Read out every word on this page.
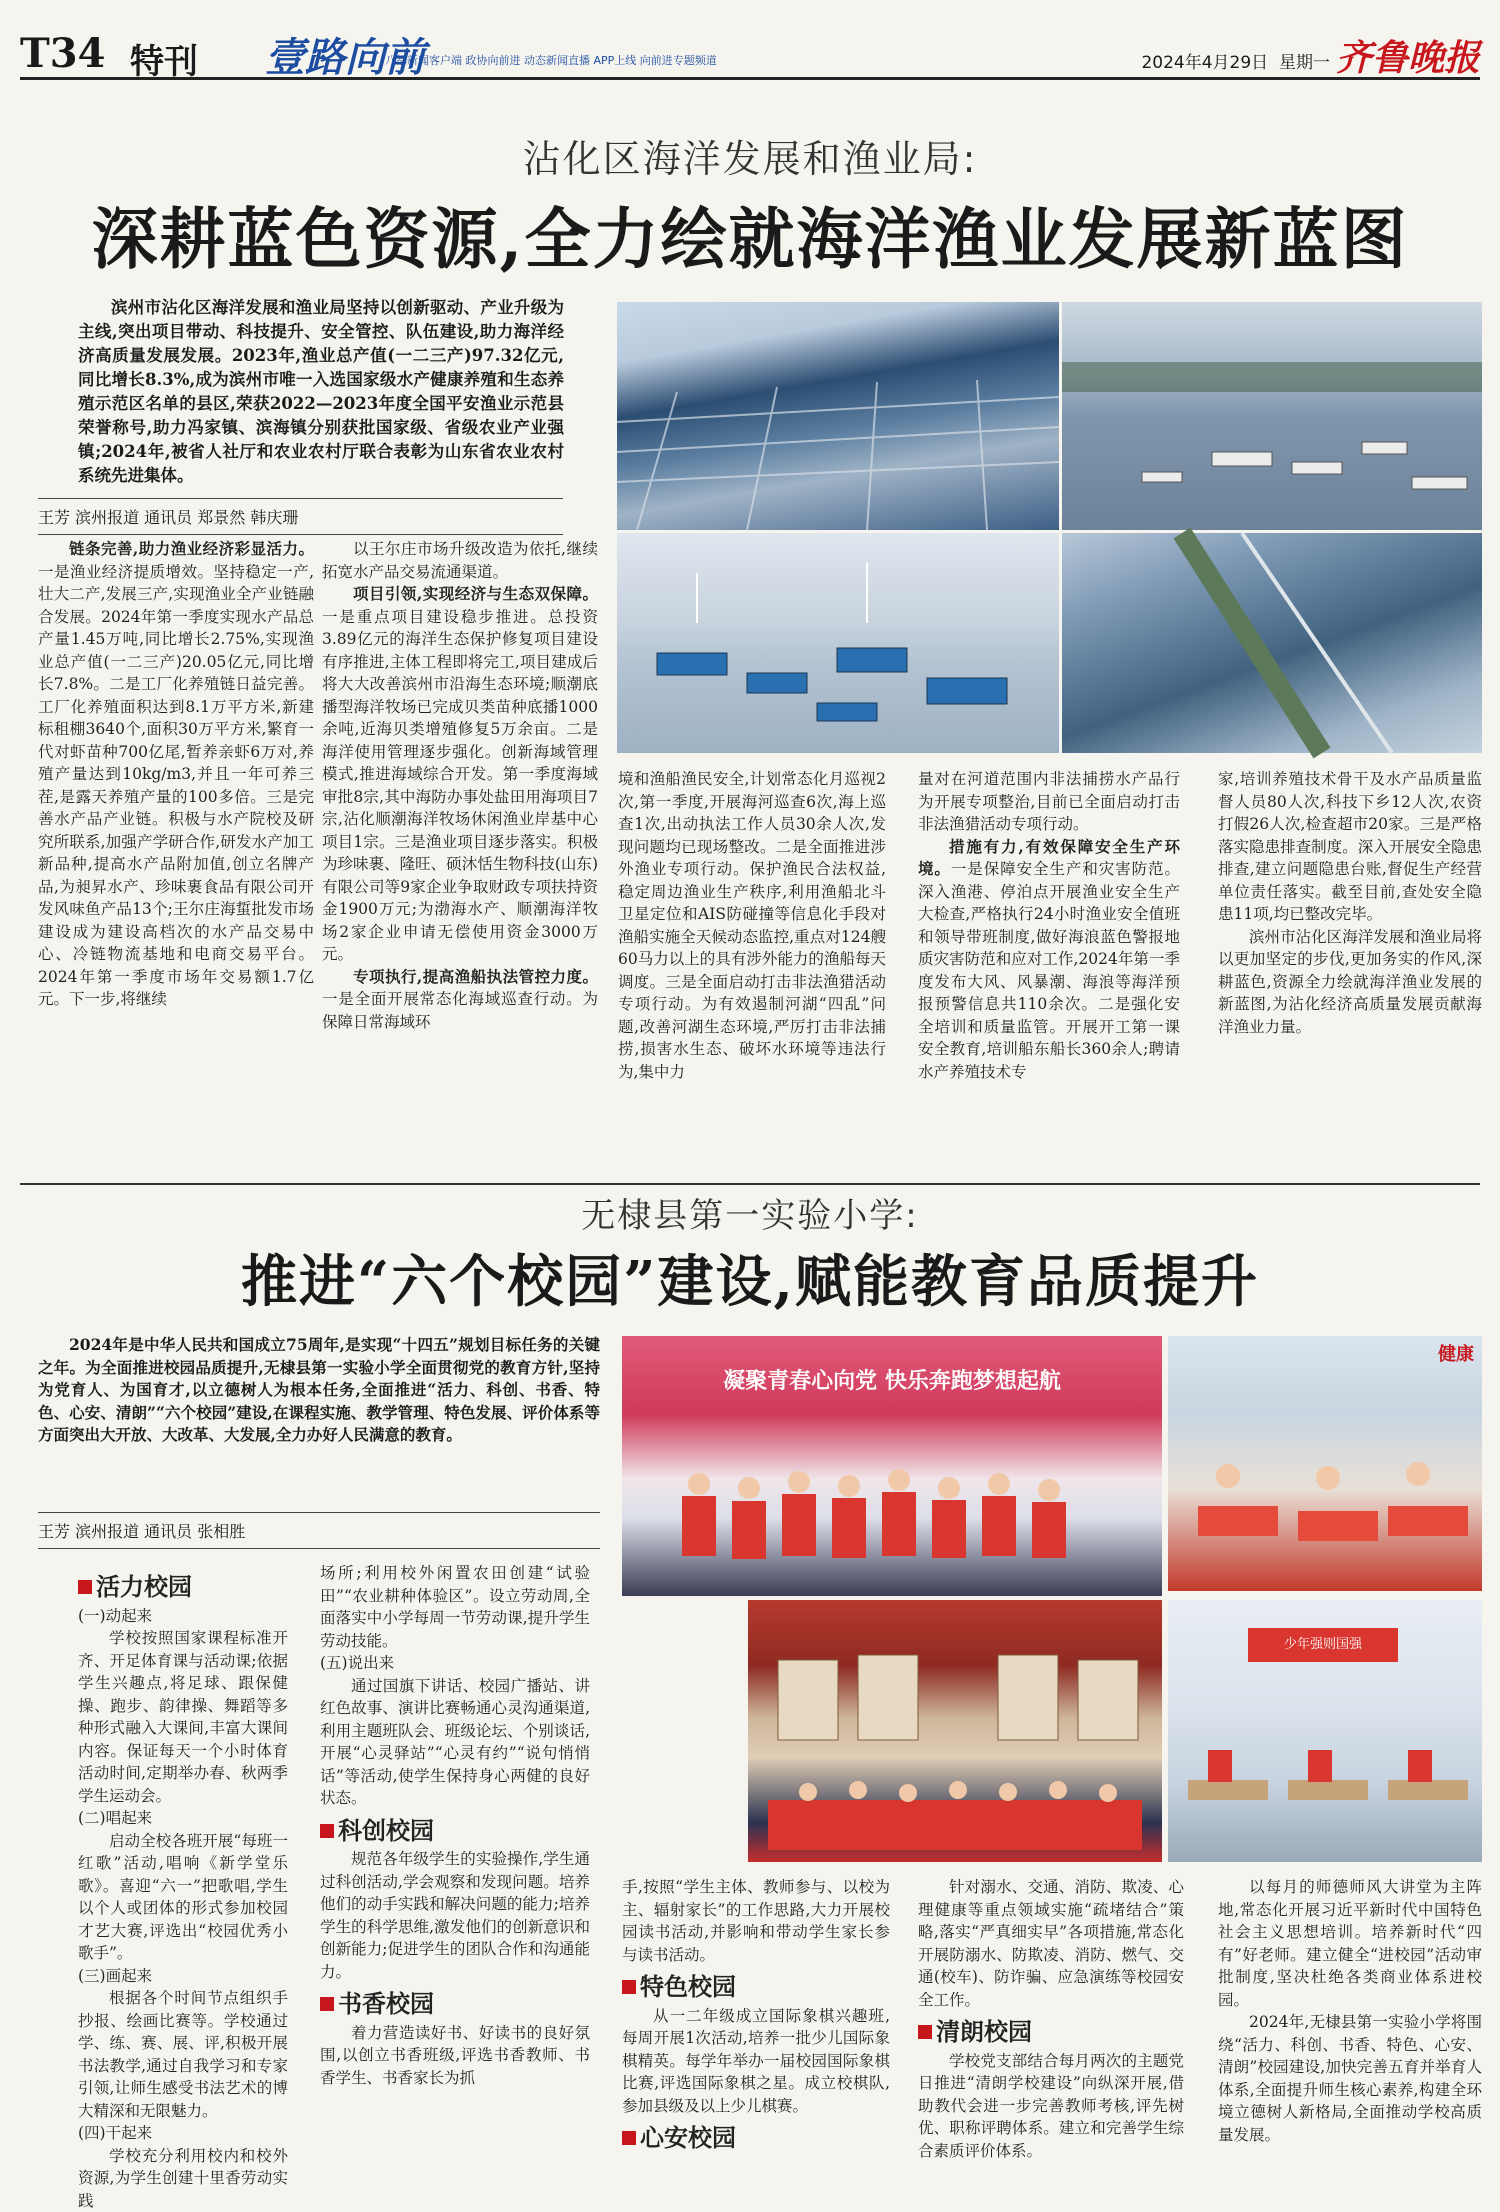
T34 特刊 壹路向前
八都新闻客户端 政协向前进 动态新闻直播 APP上线 向前进专题频道	2024年4月29日 星期一 齐鲁晚报
沾化区海洋发展和渔业局:
深耕蓝色资源,全力绘就海洋渔业发展新蓝图
滨州市沾化区海洋发展和渔业局坚持以创新驱动、产业升级为主线,突出项目带动、科技提升、安全管控、队伍建设,助力海洋经济高质量发展发展。2023年,渔业总产值(一二三产)97.32亿元,同比增长8.3%,成为滨州市唯一入选国家级水产健康养殖和生态养殖示范区名单的县区,荣获2022—2023年度全国平安渔业示范县荣誉称号,助力冯家镇、滨海镇分别获批国家级、省级农业产业强镇;2024年,被省人社厅和农业农村厅联合表彰为山东省农业农村系统先进集体。
王芳 滨州报道 通讯员 郑景然 韩庆珊

链条完善,助力渔业经济彩显活力。一是渔业经济提质增效。坚持稳定一产,壮大二产,发展三产,实现渔业全产业链融合发展。2024年第一季度实现水产品总产量1.45万吨,同比增长2.75%,实现渔业总产值(一二三产)20.05亿元,同比增长7.8%。二是工厂化养殖链日益完善。工厂化养殖面积达到8.1万平方米,新建标租棚3640个,面积30万平方米,繁育一代对虾苗种700亿尾,暂养亲虾6万对,养殖产量达到10kg/m3,并且一年可养三茬,是露天养殖产量的100多倍。三是完善水产品产业链。积极与水产院校及研究所联系,加强产学研合作,研发水产加工新品种,提高水产品附加值,创立名牌产品,为昶昇水产、珍味裹食品有限公司开发风味鱼产品13个;王尔庄海蜇批发市场建设成为建设高档次的水产品交易中心、冷链物流基地和电商交易平台。2024年第一季度市场年交易额1.7亿元。下一步,将继续

以王尔庄市场升级改造为依托,继续拓宽水产品交易流通渠道。

项目引领,实现经济与生态双保障。一是重点项目建设稳步推进。总投资3.89亿元的海洋生态保护修复项目建设有序推进,主体工程即将完工,项目建成后将大大改善滨州市沿海生态环境;顺潮底播型海洋牧场已完成贝类苗种底播1000余吨,近海贝类增殖修复5万余亩。二是海洋使用管理逐步强化。创新海域管理模式,推进海域综合开发。第一季度海域审批8宗,其中海防办事处盐田用海项目7宗,沾化顺潮海洋牧场休闲渔业岸基中心项目1宗。三是渔业项目逐步落实。积极为珍味裹、隆旺、硕沐恬生物科技(山东)有限公司等9家企业争取财政专项扶持资金1900万元;为渤海水产、顺潮海洋牧场2家企业申请无偿使用资金3000万元。

专项执行,提高渔船执法管控力度。一是全面开展常态化海域巡查行动。为保障日常海域环

境和渔船渔民安全,计划常态化月巡视2次,第一季度,开展海河巡查6次,海上巡查1次,出动执法工作人员30余人次,发现问题均已现场整改。二是全面推进涉外渔业专项行动。保护渔民合法权益,稳定周边渔业生产秩序,利用渔船北斗卫星定位和AIS防碰撞等信息化手段对渔船实施全天候动态监控,重点对124艘60马力以上的具有涉外能力的渔船每天调度。三是全面启动打击非法渔猎活动专项行动。为有效遏制河湖“四乱”问题,改善河湖生态环境,严厉打击非法捕捞,损害水生态、破坏水环境等违法行为,集中力

量对在河道范围内非法捕捞水产品行为开展专项整治,目前已全面启动打击非法渔猎活动专项行动。

措施有力,有效保障安全生产环境。一是保障安全生产和灾害防范。深入渔港、停泊点开展渔业安全生产大检查,严格执行24小时渔业安全值班和领导带班制度,做好海浪蓝色警报地质灾害防范和应对工作,2024年第一季度发布大风、风暴潮、海浪等海洋预报预警信息共110余次。二是强化安全培训和质量监管。开展开工第一课安全教育,培训船东船长360余人;聘请水产养殖技术专

家,培训养殖技术骨干及水产品质量监督人员80人次,科技下乡12人次,农资打假26人次,检查超市20家。三是严格落实隐患排查制度。深入开展安全隐患排查,建立问题隐患台账,督促生产经营单位责任落实。截至目前,查处安全隐患11项,均已整改完毕。

滨州市沾化区海洋发展和渔业局将以更加坚定的步伐,更加务实的作风,深耕蓝色,资源全力绘就海洋渔业发展的新蓝图,为沾化经济高质量发展贡献海洋渔业力量。

无棣县第一实验小学:
推进“六个校园”建设,赋能教育品质提升
2024年是中华人民共和国成立75周年,是实现“十四五”规划目标任务的关键之年。为全面推进校园品质提升,无棣县第一实验小学全面贯彻党的教育方针,坚持为党育人、为国育才,以立德树人为根本任务,全面推进“活力、科创、书香、特色、心安、清朗”“六个校园”建设,在课程实施、教学管理、特色发展、评价体系等方面突出大开放、大改革、大发展,全力办好人民满意的教育。
王芳 滨州报道 通讯员 张相胜
凝聚青春心向党 快乐奔跑梦想起航
健康
少年强则国强
活力校园
(一)动起来

学校按照国家课程标准开齐、开足体育课与活动课;依据学生兴趣点,将足球、跟保健操、跑步、韵律操、舞蹈等多种形式融入大课间,丰富大课间内容。保证每天一个小时体育活动时间,定期举办春、秋两季学生运动会。

(二)唱起来

启动全校各班开展“每班一红歌”活动,唱响《新学堂乐歌》。喜迎“六一”把歌唱,学生以个人或团体的形式参加校园才艺大赛,评选出“校园优秀小歌手”。

(三)画起来

根据各个时间节点组织手抄报、绘画比赛等。学校通过学、练、赛、展、评,积极开展书法教学,通过自我学习和专家引领,让师生感受书法艺术的博大精深和无限魅力。

(四)干起来

学校充分利用校内和校外资源,为学生创建十里香劳动实践

场所;利用校外闲置农田创建“试验田”“农业耕种体验区”。设立劳动周,全面落实中小学每周一节劳动课,提升学生劳动技能。

(五)说出来

通过国旗下讲话、校园广播站、讲红色故事、演讲比赛畅通心灵沟通渠道,利用主题班队会、班级论坛、个别谈话,开展“心灵驿站”“心灵有约”“说句悄悄话”等活动,使学生保持身心两健的良好状态。

科创校园

规范各年级学生的实验操作,学生通过科创活动,学会观察和发现问题。培养他们的动手实践和解决问题的能力;培养学生的科学思维,激发他们的创新意识和创新能力;促进学生的团队合作和沟通能力。

书香校园

着力营造读好书、好读书的良好氛围,以创立书香班级,评选书香教师、书香学生、书香家长为抓

手,按照“学生主体、教师参与、以校为主、辐射家长”的工作思路,大力开展校园读书活动,并影响和带动学生家长参与读书活动。

特色校园

从一二年级成立国际象棋兴趣班,每周开展1次活动,培养一批少儿国际象棋精英。每学年举办一届校园国际象棋比赛,评选国际象棋之星。成立校棋队,参加县级及以上少儿棋赛。

心安校园

针对溺水、交通、消防、欺凌、心理健康等重点领域实施“疏堵结合”策略,落实“严真细实早”各项措施,常态化开展防溺水、防欺凌、消防、燃气、交通(校车)、防诈骗、应急演练等校园安全工作。

清朗校园

学校党支部结合每月两次的主题党日推进“清朗学校建设”向纵深开展,借助教代会进一步完善教师考核,评先树优、职称评聘体系。建立和完善学生综合素质评价体系。

以每月的师德师风大讲堂为主阵地,常态化开展习近平新时代中国特色社会主义思想培训。培养新时代“四有”好老师。建立健全“进校园”活动审批制度,坚决杜绝各类商业体系进校园。

2024年,无棣县第一实验小学将围绕“活力、科创、书香、特色、心安、清朗”校园建设,加快完善五育并举育人体系,全面提升师生核心素养,构建全环境立德树人新格局,全面推动学校高质量发展。
